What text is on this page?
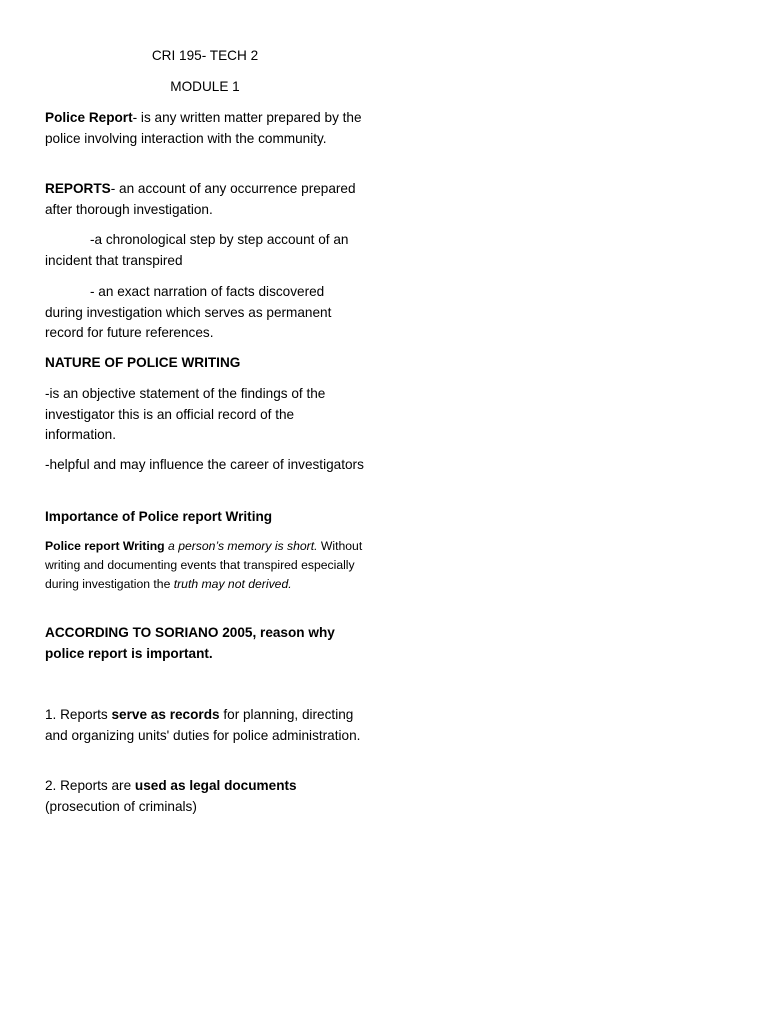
CRI 195- TECH 2

MODULE 1

Police Report- is any written matter prepared by the police involving interaction with the community.

REPORTS- an account of any occurrence prepared after thorough investigation.

-a chronological step by step account of an
incident that transpired

- an exact narration of facts discovered
during investigation which serves as permanent record for future references.

NATURE OF POLICE WRITING

-is an objective statement of the findings of the investigator this is an official record of the information.

-helpful and may influence the career of investigators

Importance of Police report Writing

Police report Writing a person’s memory is short. Without writing and documenting events that transpired especially during investigation the truth may not derived.

ACCORDING TO SORIANO 2005, reason why police report is important.

1. Reports serve as records for planning, directing and organizing units' duties for police administration.

2. Reports are used as legal documents
(prosecution of criminals)
